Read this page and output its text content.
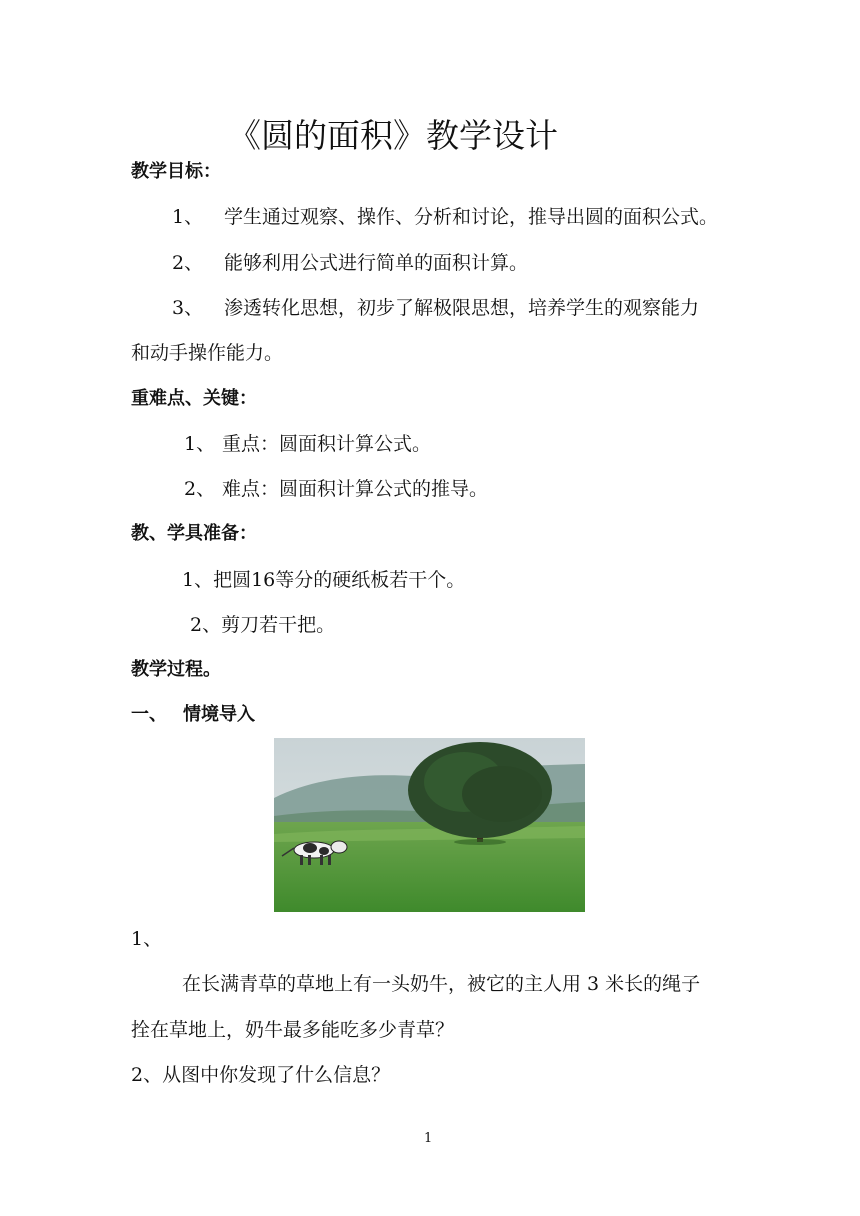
《圆的面积》教学设计
教学目标：
1、 学生通过观察、操作、分析和讨论，推导出圆的面积公式。
2、 能够利用公式进行简单的面积计算。
3、 渗透转化思想，初步了解极限思想，培养学生的观察能力
和动手操作能力。
重难点、关键：
1、 重点：圆面积计算公式。
2、 难点：圆面积计算公式的推导。
教、学具准备：
1、把圆16等分的硬纸板若干个。
2、剪刀若干把。
教学过程。
一、 情境导入
1、
在长满青草的草地上有一头奶牛，被它的主人用 3 米长的绳子
拴在草地上，奶牛最多能吃多少青草？
2、从图中你发现了什么信息？
1
